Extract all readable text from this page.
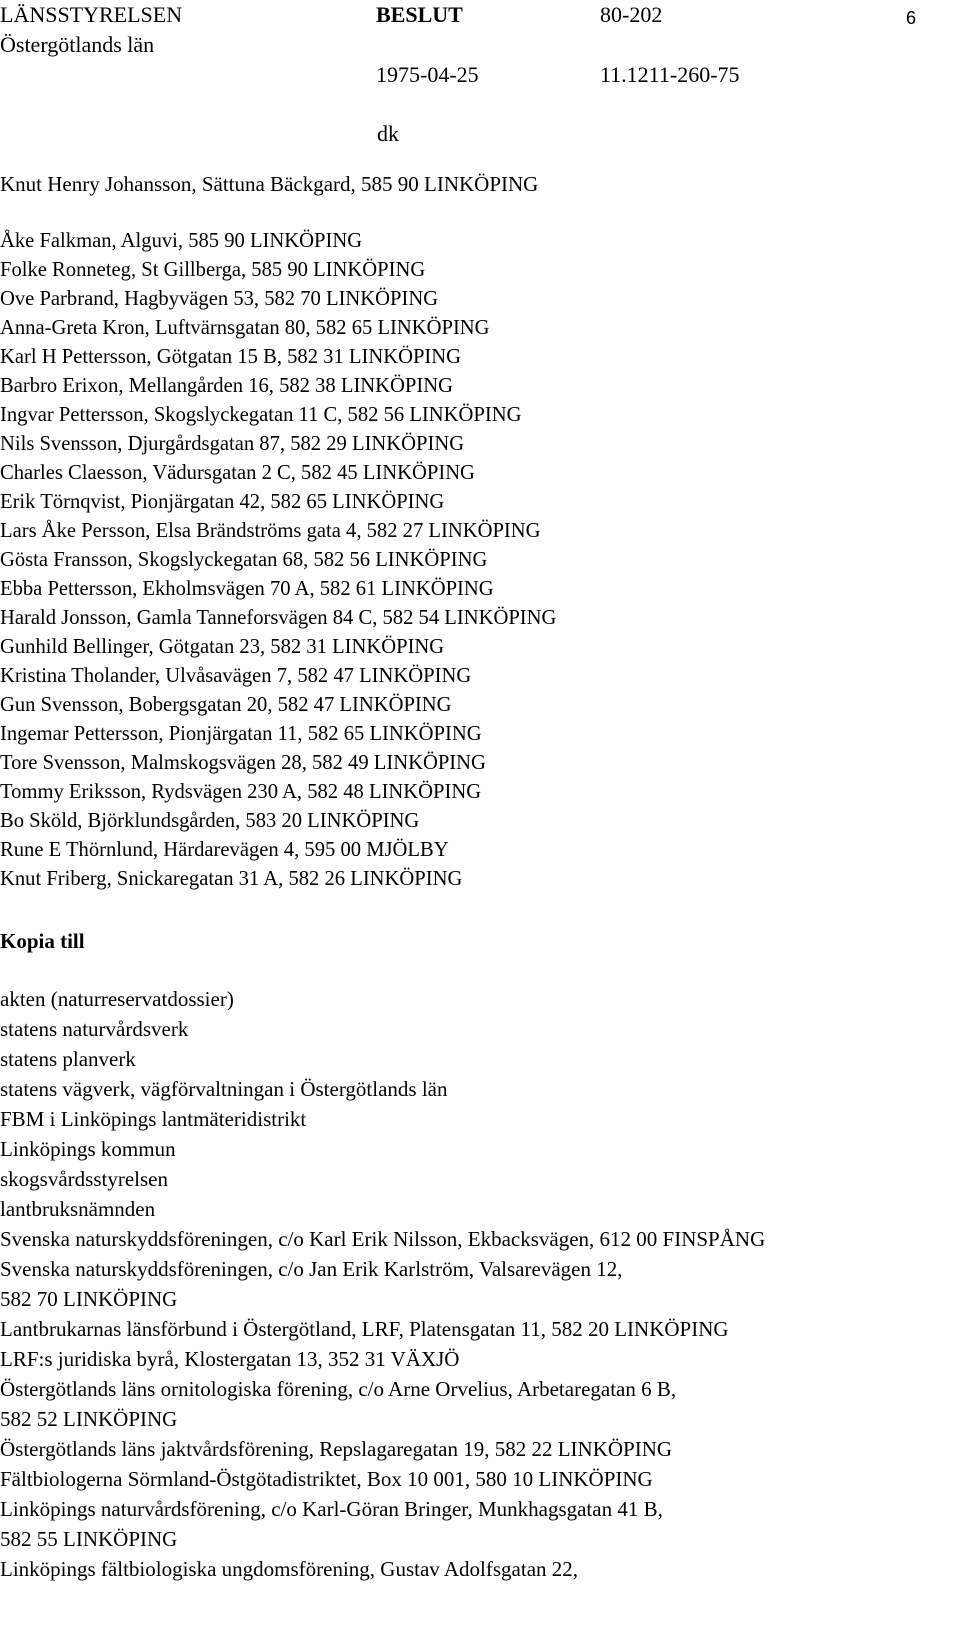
LÄNSSTYRELSEN
Östergötlands län
BESLUT
1975-04-25
80-202
11.1211-260-75
dk
6
Knut Henry Johansson, Sättuna Bäckgard, 585 90 LINKÖPING
Åke Falkman, Alguvi, 585 90 LINKÖPING
Folke Ronneteg, St Gillberga, 585 90 LINKÖPING
Ove Parbrand, Hagbyvägen 53, 582 70 LINKÖPING
Anna-Greta Kron, Luftvärnsgatan 80, 582 65 LINKÖPING
Karl H Pettersson, Götgatan 15 B, 582 31 LINKÖPING
Barbro Erixon, Mellangården 16, 582 38 LINKÖPING
Ingvar Pettersson, Skogslyckegatan 11 C, 582 56 LINKÖPING
Nils Svensson, Djurgårdsgatan 87, 582 29 LINKÖPING
Charles Claesson, Vädursgatan 2 C, 582 45 LINKÖPING
Erik Törnqvist, Pionjärgatan 42, 582 65 LINKÖPING
Lars Åke Persson, Elsa Brändströms gata 4, 582 27 LINKÖPING
Gösta Fransson, Skogslyckegatan 68, 582 56 LINKÖPING
Ebba Pettersson, Ekholmsvägen 70 A, 582 61 LINKÖPING
Harald Jonsson, Gamla Tanneforsvägen 84 C, 582 54 LINKÖPING
Gunhild Bellinger, Götgatan 23, 582 31 LINKÖPING
Kristina Tholander, Ulvåsavägen 7, 582 47 LINKÖPING
Gun Svensson, Bobergsgatan 20, 582 47 LINKÖPING
Ingemar Pettersson, Pionjärgatan 11, 582 65 LINKÖPING
Tore Svensson, Malmskogsvägen 28, 582 49 LINKÖPING
Tommy Eriksson, Rydsvägen 230 A, 582 48 LINKÖPING
Bo Sköld, Björklundsgården, 583 20 LINKÖPING
Rune E Thörnlund, Härdarevägen 4, 595 00 MJÖLBY
Knut Friberg, Snickaregatan 31 A, 582 26 LINKÖPING
Kopia till
akten (naturreservatdossier)
statens naturvårdsverk
statens planverk
statens vägverk, vägförvaltningan i Östergötlands län
FBM i Linköpings lantmäteridistrikt
Linköpings kommun
skogsvårdsstyrelsen
lantbruksnämnden
Svenska naturskyddsföreningen, c/o Karl Erik Nilsson, Ekbacksvägen, 612 00 FINSPÅNG
Svenska naturskyddsföreningen, c/o Jan Erik Karlström, Valsarevägen 12,
582 70 LINKÖPING
Lantbrukarnas länsförbund i Östergötland, LRF, Platensgatan 11, 582 20 LINKÖPING
LRF:s juridiska byrå, Klostergatan 13, 352 31 VÄXJÖ
Östergötlands läns ornitologiska förening, c/o Arne Orvelius, Arbetaregatan 6 B,
582 52 LINKÖPING
Östergötlands läns jaktvårdsförening, Repslagaregatan 19, 582 22 LINKÖPING
Fältbiologerna Sörmland-Östgötadistriktet, Box 10 001, 580 10 LINKÖPING
Linköpings naturvårdsförening, c/o Karl-Göran Bringer, Munkhagsgatan 41 B,
582 55 LINKÖPING
Linköpings fältbiologiska ungdomsförening, Gustav Adolfsgatan 22,
